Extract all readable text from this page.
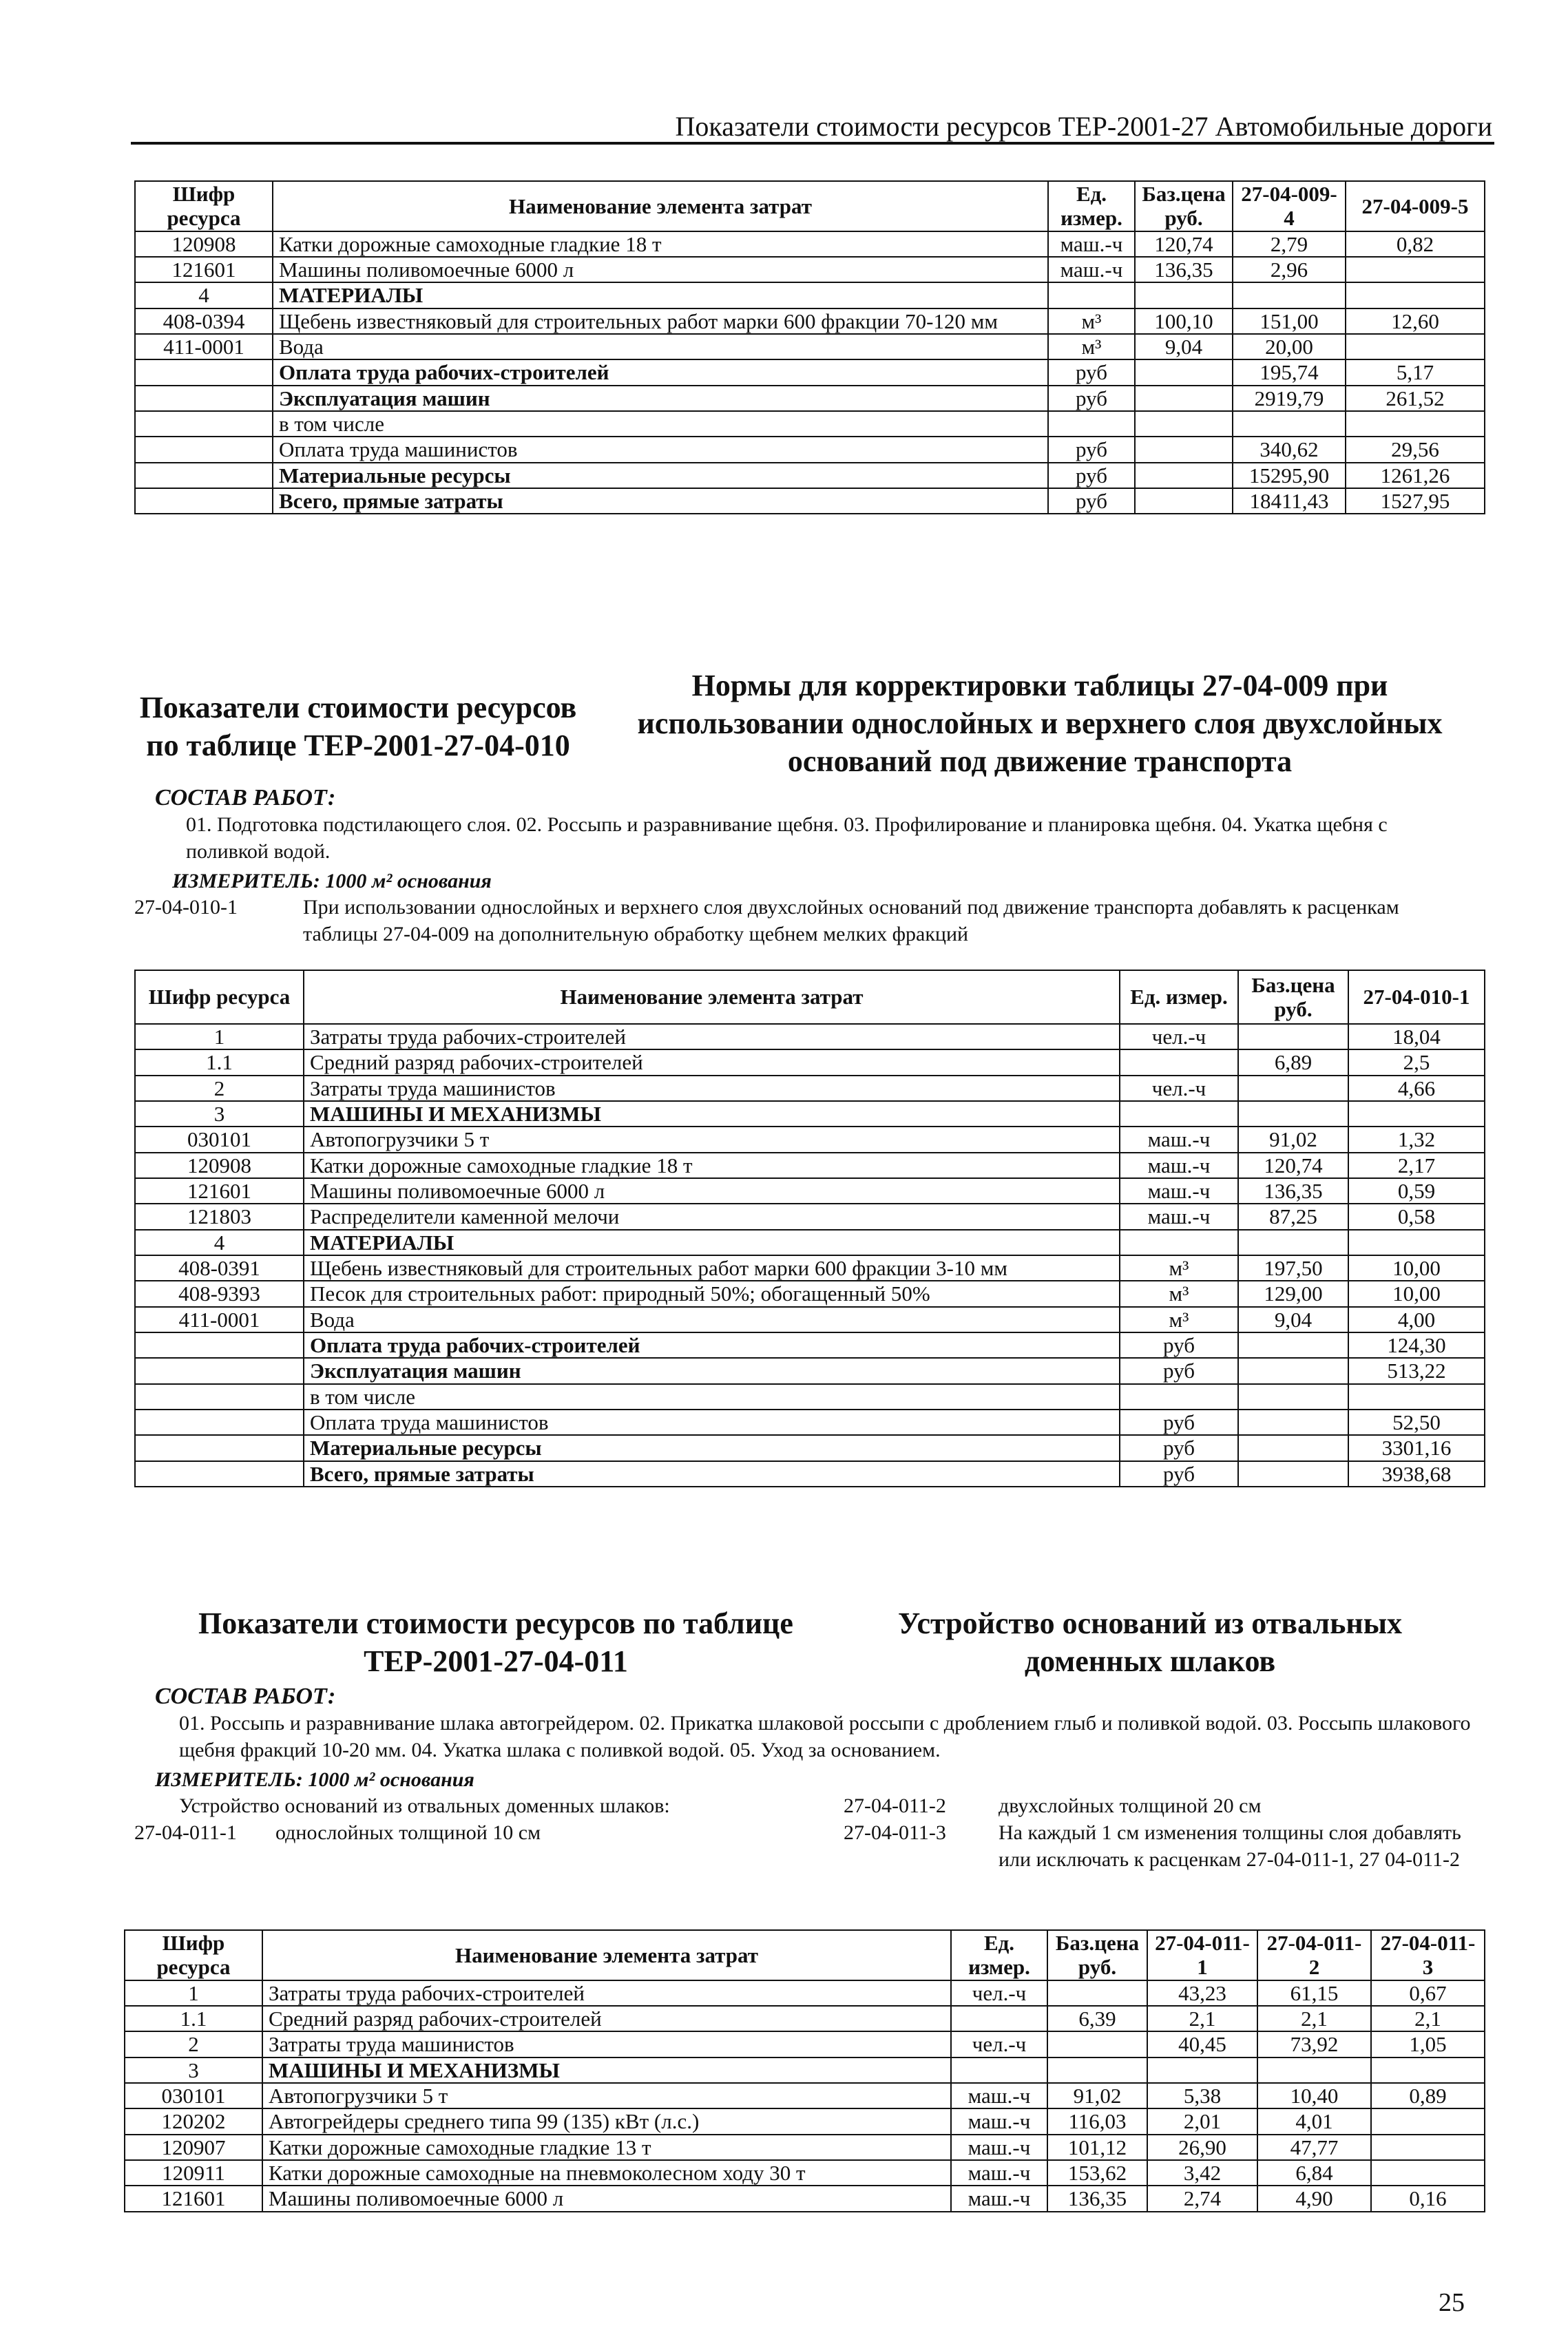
Показатели стоимости ресурсов ТЕР-2001-27 Автомобильные дороги
Шифр ресурса	Наименование элемента затрат	Ед. измер.	Баз.цена руб.	27-04-009-4	27-04-009-5
120908	Катки дорожные самоходные гладкие 18 т	маш.-ч	120,74	2,79	0,82
121601	Машины поливомоечные 6000 л	маш.-ч	136,35	2,96	
4	МАТЕРИАЛЫ				
408-0394	Щебень известняковый для строительных работ марки 600 фракции 70-120 мм	м³	100,10	151,00	12,60
411-0001	Вода	м³	9,04	20,00	
	Оплата труда рабочих-строителей	руб		195,74	5,17
	Эксплуатация машин	руб		2919,79	261,52
	в том числе				
	Оплата труда машинистов	руб		340,62	29,56
	Материальные ресурсы	руб		15295,90	1261,26
	Всего, прямые затраты	руб		18411,43	1527,95
Показатели стоимости ресурсов по таблице ТЕР-2001-27-04-010
Нормы для корректировки таблицы 27-04-009 при использовании однослойных и верхнего слоя двухслойных оснований под движение транспорта
СОСТАВ РАБОТ:
01. Подготовка подстилающего слоя. 02. Россыпь и разравнивание щебня. 03. Профилирование и планировка щебня. 04. Укатка щебня с поливкой водой.
ИЗМЕРИТЕЛЬ: 1000 м² основания
27-04-010-1	При использовании однослойных и верхнего слоя двухслойных оснований под движение транспорта добавлять к расценкам таблицы 27-04-009 на дополнительную обработку щебнем мелких фракций
Шифр ресурса	Наименование элемента затрат	Ед. измер.	Баз.цена руб.	27-04-010-1
1	Затраты труда рабочих-строителей	чел.-ч		18,04
1.1	Средний разряд рабочих-строителей		6,89	2,5
2	Затраты труда машинистов	чел.-ч		4,66
3	МАШИНЫ И МЕХАНИЗМЫ			
030101	Автопогрузчики 5 т	маш.-ч	91,02	1,32
120908	Катки дорожные самоходные гладкие 18 т	маш.-ч	120,74	2,17
121601	Машины поливомоечные 6000 л	маш.-ч	136,35	0,59
121803	Распределители каменной мелочи	маш.-ч	87,25	0,58
4	МАТЕРИАЛЫ			
408-0391	Щебень известняковый для строительных работ марки 600 фракции 3-10 мм	м³	197,50	10,00
408-9393	Песок для строительных работ: природный 50%; обогащенный 50%	м³	129,00	10,00
411-0001	Вода	м³	9,04	4,00
	Оплата труда рабочих-строителей	руб		124,30
	Эксплуатация машин	руб		513,22
	в том числе			
	Оплата труда машинистов	руб		52,50
	Материальные ресурсы	руб		3301,16
	Всего, прямые затраты	руб		3938,68
Показатели стоимости ресурсов по таблице ТЕР-2001-27-04-011
Устройство оснований из отвальных доменных шлаков
СОСТАВ РАБОТ:
01. Россыпь и разравнивание шлака автогрейдером. 02. Прикатка шлаковой россыпи с дроблением глыб и поливкой водой. 03. Россыпь шлакового щебня фракций 10-20 мм. 04. Укатка шлака с поливкой водой. 05. Уход за основанием.
ИЗМЕРИТЕЛЬ: 1000 м² основания
Устройство оснований из отвальных доменных шлаков:
27-04-011-1 однослойных толщиной 10 см
27-04-011-2	двухслойных толщиной 20 см
27-04-011-3	На каждый 1 см изменения толщины слоя добавлять или исключать к расценкам 27-04-011-1, 27 04-011-2
Шифр ресурса	Наименование элемента затрат	Ед. измер.	Баз.цена руб.	27-04-011-1	27-04-011-2	27-04-011-3
1	Затраты труда рабочих-строителей	чел.-ч		43,23	61,15	0,67
1.1	Средний разряд рабочих-строителей		6,39	2,1	2,1	2,1
2	Затраты труда машинистов	чел.-ч		40,45	73,92	1,05
3	МАШИНЫ И МЕХАНИЗМЫ					
030101	Автопогрузчики 5 т	маш.-ч	91,02	5,38	10,40	0,89
120202	Автогрейдеры среднего типа 99 (135) кВт (л.с.)	маш.-ч	116,03	2,01	4,01	
120907	Катки дорожные самоходные гладкие 13 т	маш.-ч	101,12	26,90	47,77	
120911	Катки дорожные самоходные на пневмоколесном ходу 30 т	маш.-ч	153,62	3,42	6,84	
121601	Машины поливомоечные 6000 л	маш.-ч	136,35	2,74	4,90	0,16
25
